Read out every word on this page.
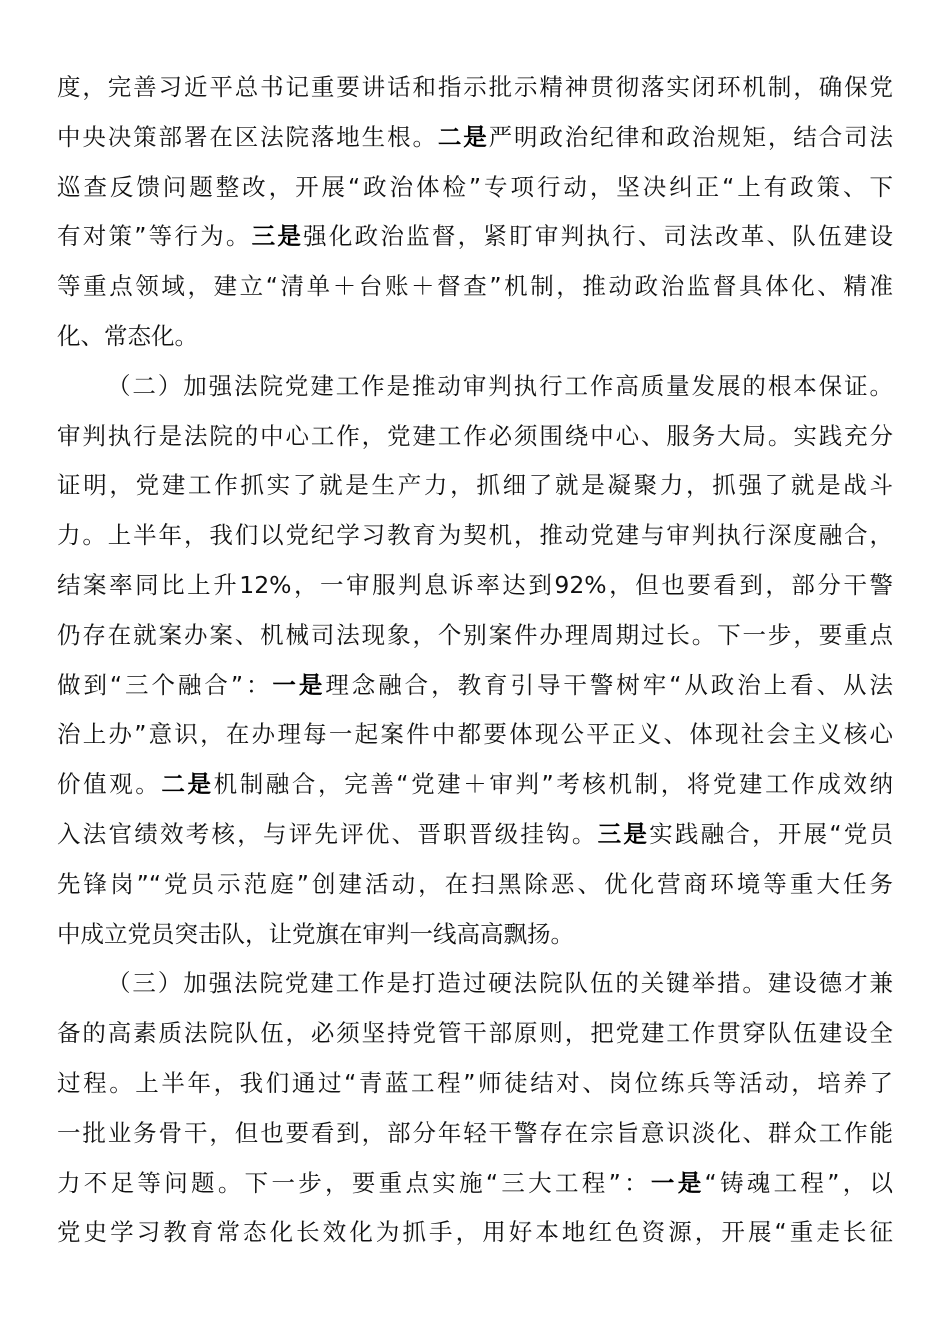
度，完善习近平总书记重要讲话和指示批示精神贯彻落实闭环机制，确保党
中央决策部署在区法院落地生根。二是严明政治纪律和政治规矩，结合司法
巡查反馈问题整改，开展“政治体检”专项行动，坚决纠正“上有政策、下
有对策”等行为。三是强化政治监督，紧盯审判执行、司法改革、队伍建设
等重点领域，建立“清单＋台账＋督查”机制，推动政治监督具体化、精准
化、常态化。
（二）加强法院党建工作是推动审判执行工作高质量发展的根本保证。
审判执行是法院的中心工作，党建工作必须围绕中心、服务大局。实践充分
证明，党建工作抓实了就是生产力，抓细了就是凝聚力，抓强了就是战斗
力。上半年，我们以党纪学习教育为契机，推动党建与审判执行深度融合，
结案率同比上升12%，一审服判息诉率达到92%，但也要看到，部分干警
仍存在就案办案、机械司法现象，个别案件办理周期过长。下一步，要重点
做到“三个融合”：一是理念融合，教育引导干警树牢“从政治上看、从法
治上办”意识，在办理每一起案件中都要体现公平正义、体现社会主义核心
价值观。二是机制融合，完善“党建＋审判”考核机制，将党建工作成效纳
入法官绩效考核，与评先评优、晋职晋级挂钩。三是实践融合，开展“党员
先锋岗”“党员示范庭”创建活动，在扫黑除恶、优化营商环境等重大任务
中成立党员突击队，让党旗在审判一线高高飘扬。
（三）加强法院党建工作是打造过硬法院队伍的关键举措。建设德才兼
备的高素质法院队伍，必须坚持党管干部原则，把党建工作贯穿队伍建设全
过程。上半年，我们通过“青蓝工程”师徒结对、岗位练兵等活动，培养了
一批业务骨干，但也要看到，部分年轻干警存在宗旨意识淡化、群众工作能
力不足等问题。下一步，要重点实施“三大工程”：一是“铸魂工程”，以
党史学习教育常态化长效化为抓手，用好本地红色资源，开展“重走长征
